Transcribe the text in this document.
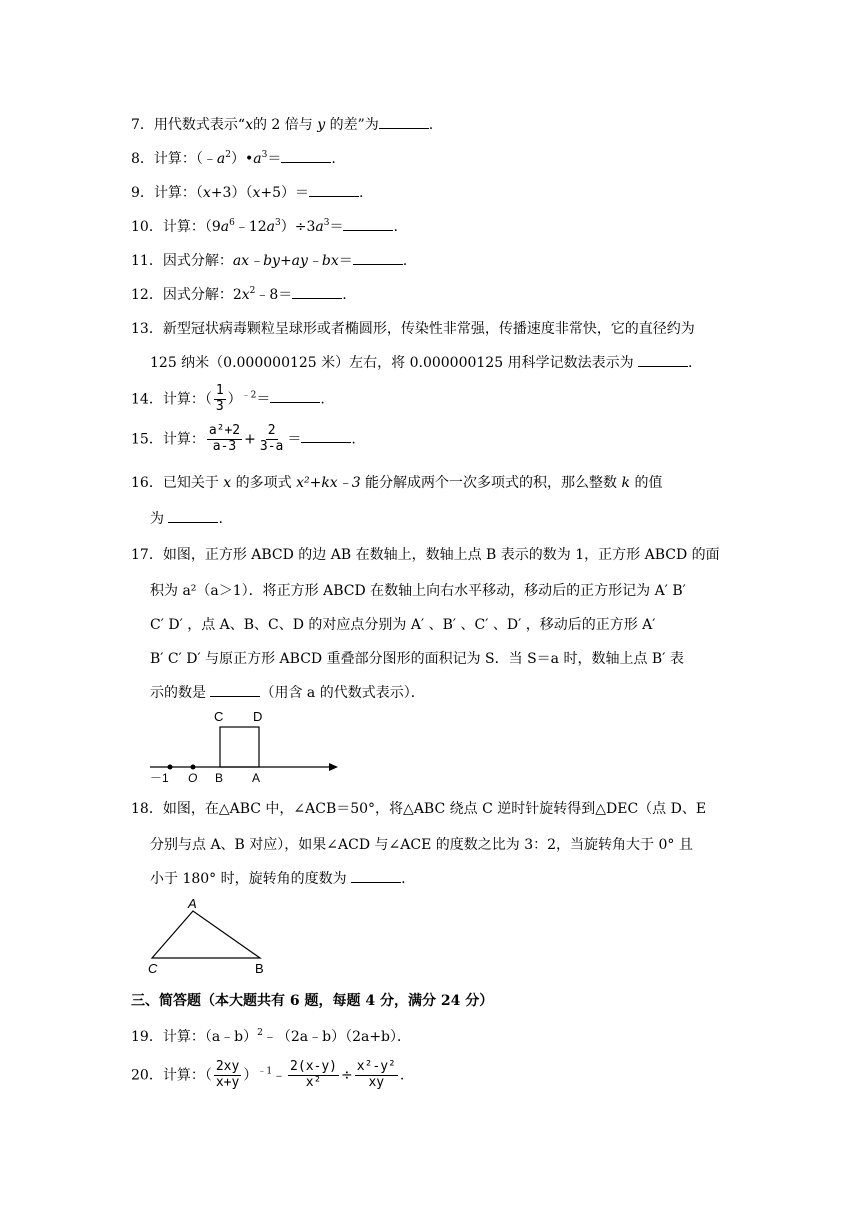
7．用代数式表示“x的 2 倍与 y 的差”为	.
8．计算：$(﹣a^2)•a^3=$	.
9．计算：（x+3）（x+5）＝	.
10．计算：$(9a^6﹣12a^3)\div 3a^3=$	.
11．因式分解：ax﹣by+ay﹣bx＝	.
12．因式分解：$2x^2﹣8=$	.
13．新型冠状病毒颗粒呈球形或者椭圆形，传染性非常强，传播速度非常快，它的直径约为
125 纳米（0.000000125 米）左右，将 0.000000125 用科学记数法表示为	.
14．计算：（ $\frac{1}{3} )^{﹣2}=$	.
15．计算： $\frac{\text{a²+2}}{a-3} + \frac{2}{3-a}$ ＝	.
16．已知关于 x 的多项式 x²+kx﹣3 能分解成两个一次多项式的积，那么整数 k 的值
为	.
17．如图，正方形 ABCD 的边 AB 在数轴上，数轴上点 B 表示的数为 1，正方形 ABCD 的面
积为 a²（a＞1）．将正方形 ABCD 在数轴上向右水平移动，移动后的正方形记为 A′ B′
C′ D′ ，点 A、B、C、D 的对应点分别为 A′ 、B′ 、C′ 、D′ ，移动后的正方形 A′
B′ C′ D′ 与原正方形 ABCD 重叠部分图形的面积记为 S．当 S＝a 时，数轴上点 B′ 表
示的数是	（用含 a 的代数式表示）．
C D
－1 O B A
18．如图，在△ABC 中，∠ACB＝50°，将△ABC 绕点 C 逆时针旋转得到△DEC（点 D、E
分别与点 A、B 对应），如果∠ACD 与∠ACE 的度数之比为 3：2，当旋转角大于 0° 且
小于 180° 时，旋转角的度数为	.
A
C	B
三、简答题（本大题共有 6 题，每题 4 分，满分 24 分）
19．计算：（a﹣b）$^2$﹣（2a﹣b）（2a+b）．
20．计算：（ $\frac{2xy}{x+y}$ ）$^{﹣1}$﹣ $\frac{2(x-y)}{\text{x²}} \div \frac{\text{x²-y²}}{xy}$ .
